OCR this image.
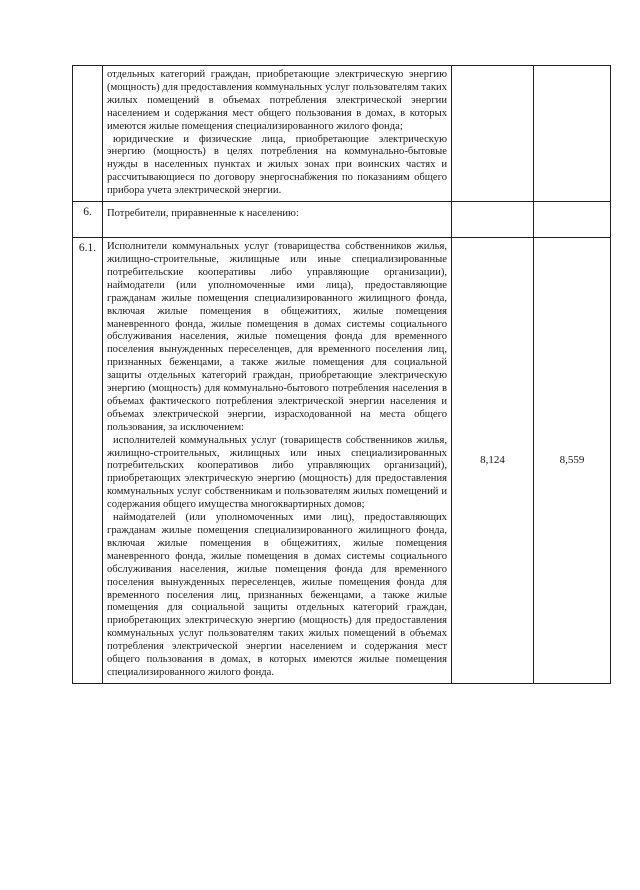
	отдельных категорий граждан, приобретающие электрическую энергию (мощность) для предоставления коммунальных услуг пользователям таких жилых помещений в объемах потребления электрической энергии населением и содержания мест общего пользования в домах, в которых имеются жилые помещения специализированного жилого фонда;

юридические и физические лица, приобретающие электрическую энергию (мощность) в целях потребления на коммунально-бытовые нужды в населенных пунктах и жилых зонах при воинских частях и рассчитывающиеся по договору энергоснабжения по показаниям общего прибора учета электрической энергии.		

6.	Потребители, приравненные к населению:		

6.1.	Исполнители коммунальных услуг (товарищества собственников жилья, жилищно-строительные, жилищные или иные специализированные потребительские кооперативы либо управляющие организации), наймодатели (или уполномоченные ими лица), предоставляющие гражданам жилые помещения специализированного жилищного фонда, включая жилые помещения в общежитиях, жилые помещения маневренного фонда, жилые помещения в домах системы социального обслуживания населения, жилые помещения фонда для временного поселения вынужденных переселенцев, для временного поселения лиц, признанных беженцами, а также жилые помещения для социальной защиты отдельных категорий граждан, приобретающие электрическую энергию (мощность) для коммунально-бытового потребления населения в объемах фактического потребления электрической энергии населения и объемах электрической энергии, израсходованной на места общего пользования, за исключением:

исполнителей коммунальных услуг (товариществ собственников жилья, жилищно-строительных, жилищных или иных специализированных потребительских кооперативов либо управляющих организаций), приобретающих электрическую энергию (мощность) для предоставления коммунальных услуг собственникам и пользователям жилых помещений и содержания общего имущества многоквартирных домов;

наймодателей (или уполномоченных ими лиц), предоставляющих гражданам жилые помещения специализированного жилищного фонда, включая жилые помещения в общежитиях, жилые помещения маневренного фонда, жилые помещения в домах системы социального обслуживания населения, жилые помещения фонда для временного поселения вынужденных переселенцев, жилые помещения фонда для временного поселения лиц, признанных беженцами, а также жилые помещения для социальной защиты отдельных категорий граждан, приобретающих электрическую энергию (мощность) для предоставления коммунальных услуг пользователям таких жилых помещений в объемах потребления электрической энергии населением и содержания мест общего пользования в домах, в которых имеются жилые помещения специализированного жилого фонда.	8,124	8,559
